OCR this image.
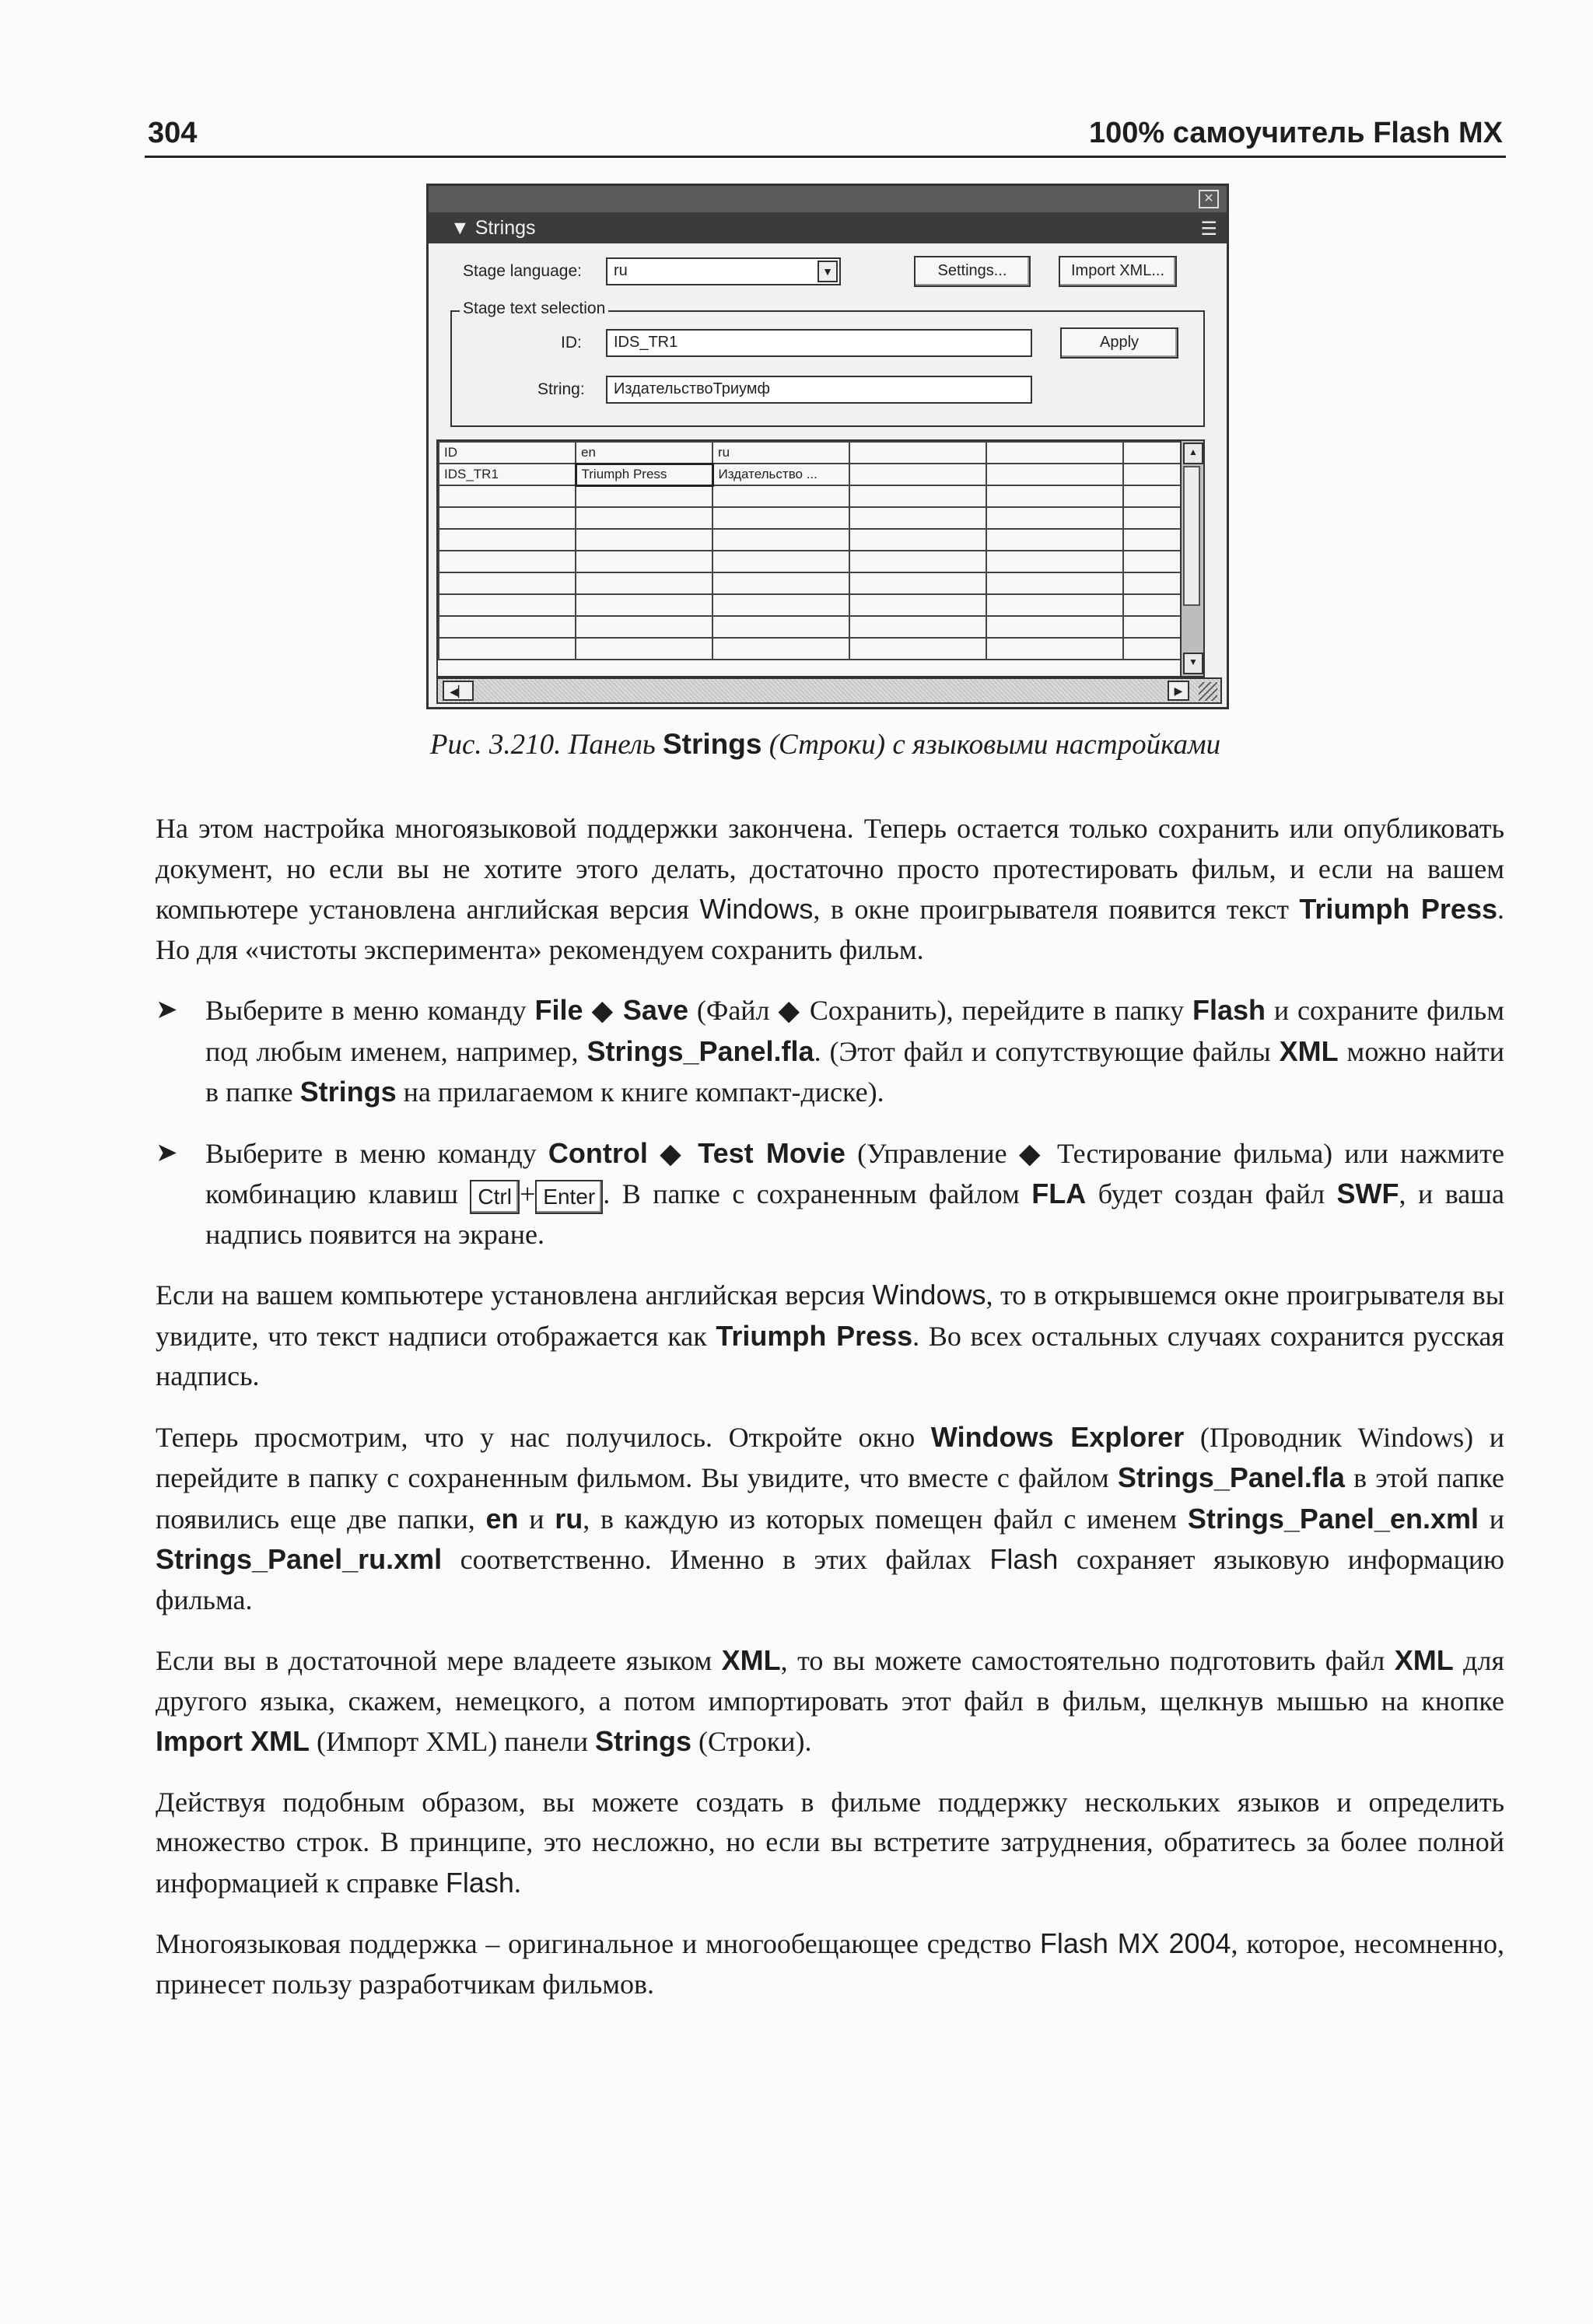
304	100% самоучитель Flash MX
✕
▼ Strings	☰
Stage language:	ru	▼	Settings...	Import XML...
Stage text selection
ID:	IDS_TR1	Apply
String:	ИздательствоТриумф
ID	en	ru			
IDS_TR1	Triumph Press	Издательство ...			

▲
▼
◀▏	▶
Рис. 3.210. Панель Strings (Строки) с языковыми настройками

На этом настройка многоязыковой поддержки закончена. Теперь остается только сохранить или опубликовать документ, но если вы не хотите этого делать, достаточно просто протестировать фильм, и если на вашем компьютере установлена английская версия Windows, в окне проигрывателя появится текст Triumph Press. Но для «чистоты эксперимента» рекомендуем сохранить фильм.

➤ Выберите в меню команду File ◆ Save (Файл ◆ Сохранить), перейдите в папку Flash и сохраните фильм под любым именем, например, Strings_Panel.fla. (Этот файл и сопутствующие файлы XML можно найти в папке Strings на прилагаемом к книге компакт-диске).
➤ Выберите в меню команду Control ◆ Test Movie (Управление ◆ Тестирование фильма) или нажмите комбинацию клавиш Ctrl + Enter . В папке с сохраненным файлом FLA будет создан файл SWF, и ваша надпись появится на экране.

Если на вашем компьютере установлена английская версия Windows, то в открывшемся окне проигрывателя вы увидите, что текст надписи отображается как Triumph Press. Во всех остальных случаях сохранится русская надпись.

Теперь просмотрим, что у нас получилось. Откройте окно Windows Explorer (Проводник Windows) и перейдите в папку с сохраненным фильмом. Вы увидите, что вместе с файлом Strings_Panel.fla в этой папке появились еще две папки, en и ru, в каждую из которых помещен файл с именем Strings_Panel_en.xml и Strings_Panel_ru.xml соответственно. Именно в этих файлах Flash сохраняет языковую информацию фильма.

Если вы в достаточной мере владеете языком XML, то вы можете самостоятельно подготовить файл XML для другого языка, скажем, немецкого, а потом импортировать этот файл в фильм, щелкнув мышью на кнопке Import XML (Импорт XML) панели Strings (Строки).

Действуя подобным образом, вы можете создать в фильме поддержку нескольких языков и определить множество строк. В принципе, это несложно, но если вы встретите затруднения, обратитесь за более полной информацией к справке Flash.

Многоязыковая поддержка – оригинальное и многообещающее средство Flash MX 2004, которое, несомненно, принесет пользу разработчикам фильмов.
